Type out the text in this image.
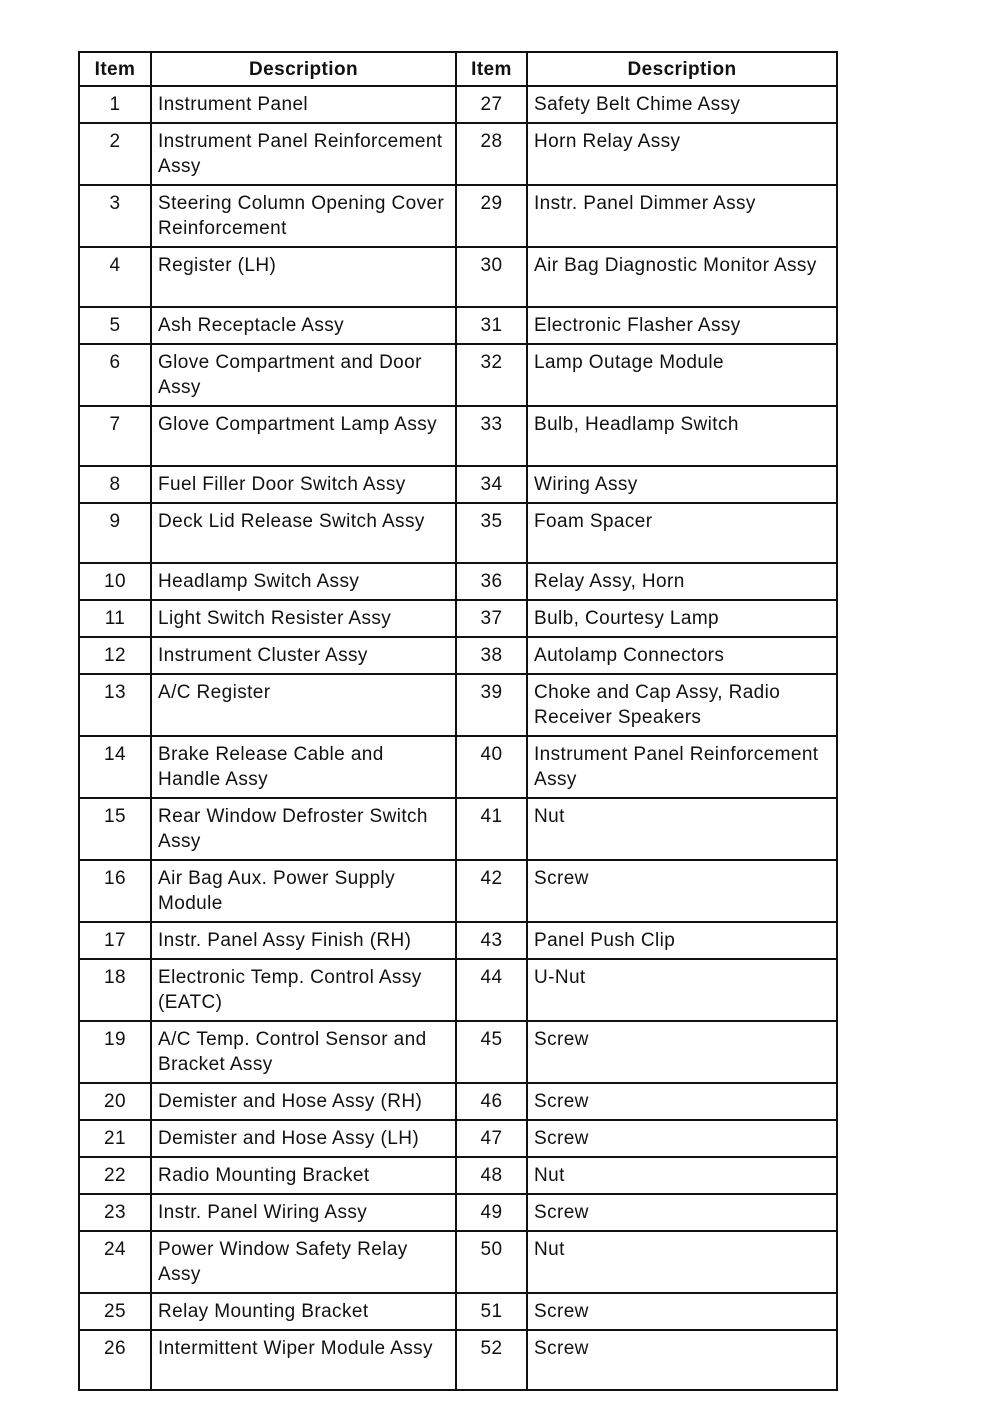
Item	Description	Item	Description
1	Instrument Panel	27	Safety Belt Chime Assy
2	Instrument Panel Reinforcement Assy	28	Horn Relay Assy
3	Steering Column Opening Cover Reinforcement	29	Instr. Panel Dimmer Assy
4	Register (LH)	30	Air Bag Diagnostic Monitor Assy
5	Ash Receptacle Assy	31	Electronic Flasher Assy
6	Glove Compartment and Door Assy	32	Lamp Outage Module
7	Glove Compartment Lamp Assy	33	Bulb, Headlamp Switch
8	Fuel Filler Door Switch Assy	34	Wiring Assy
9	Deck Lid Release Switch Assy	35	Foam Spacer
10	Headlamp Switch Assy	36	Relay Assy, Horn
11	Light Switch Resister Assy	37	Bulb, Courtesy Lamp
12	Instrument Cluster Assy	38	Autolamp Connectors
13	A/C Register	39	Choke and Cap Assy, Radio Receiver Speakers
14	Brake Release Cable and Handle Assy	40	Instrument Panel Reinforcement Assy
15	Rear Window Defroster Switch Assy	41	Nut
16	Air Bag Aux. Power Supply Module	42	Screw
17	Instr. Panel Assy Finish (RH)	43	Panel Push Clip
18	Electronic Temp. Control Assy (EATC)	44	U-Nut
19	A/C Temp. Control Sensor and Bracket Assy	45	Screw
20	Demister and Hose Assy (RH)	46	Screw
21	Demister and Hose Assy (LH)	47	Screw
22	Radio Mounting Bracket	48	Nut
23	Instr. Panel Wiring Assy	49	Screw
24	Power Window Safety Relay Assy	50	Nut
25	Relay Mounting Bracket	51	Screw
26	Intermittent Wiper Module Assy	52	Screw
